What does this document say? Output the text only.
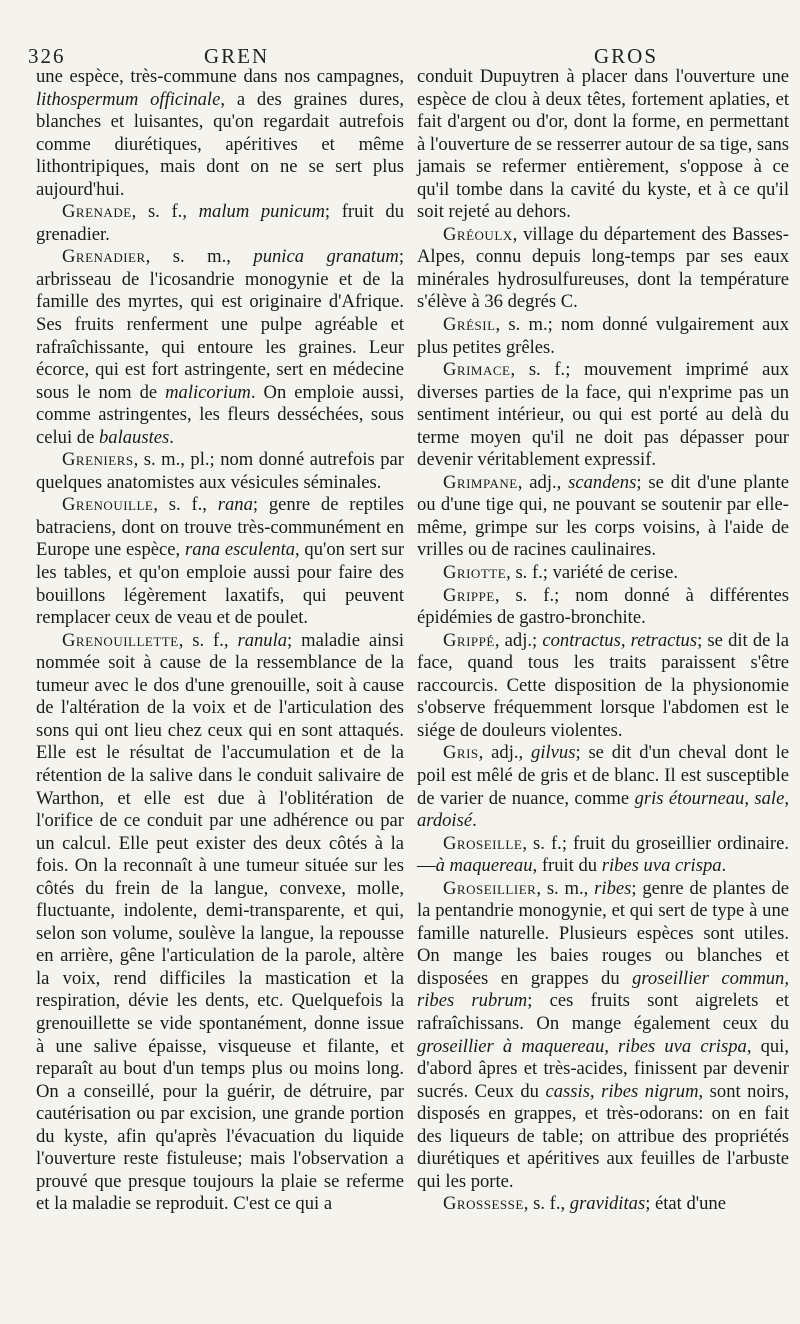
326	GREN	GROS

une espèce, très-commune dans nos campagnes, lithospermum officinale, a des graines dures, blanches et luisantes, qu'on regardait autrefois comme diurétiques, apéritives et même lithontripiques, mais dont on ne se sert plus aujourd'hui.

Grenade, s. f., malum punicum; fruit du grenadier.

Grenadier, s. m., punica granatum; arbrisseau de l'icosandrie monogynie et de la famille des myrtes, qui est originaire d'Afrique. Ses fruits renferment une pulpe agréable et rafraîchissante, qui entoure les graines. Leur écorce, qui est fort astringente, sert en médecine sous le nom de malicorium. On emploie aussi, comme astringentes, les fleurs desséchées, sous celui de balaustes.

Greniers, s. m., pl.; nom donné autrefois par quelques anatomistes aux vésicules séminales.

Grenouille, s. f., rana; genre de reptiles batraciens, dont on trouve très-communément en Europe une espèce, rana esculenta, qu'on sert sur les tables, et qu'on emploie aussi pour faire des bouillons légèrement laxatifs, qui peuvent remplacer ceux de veau et de poulet.

Grenouillette, s. f., ranula; maladie ainsi nommée soit à cause de la ressemblance de la tumeur avec le dos d'une grenouille, soit à cause de l'altération de la voix et de l'articulation des sons qui ont lieu chez ceux qui en sont attaqués. Elle est le résultat de l'accumulation et de la rétention de la salive dans le conduit salivaire de Warthon, et elle est due à l'oblitération de l'orifice de ce conduit par une adhérence ou par un calcul. Elle peut exister des deux côtés à la fois. On la reconnaît à une tumeur située sur les côtés du frein de la langue, convexe, molle, fluctuante, indolente, demi-transparente, et qui, selon son volume, soulève la langue, la repousse en arrière, gêne l'articulation de la parole, altère la voix, rend difficiles la mastication et la respiration, dévie les dents, etc. Quelquefois la grenouillette se vide spontanément, donne issue à une salive épaisse, visqueuse et filante, et reparaît au bout d'un temps plus ou moins long. On a conseillé, pour la guérir, de détruire, par cautérisation ou par excision, une grande portion du kyste, afin qu'après l'évacuation du liquide l'ouverture reste fistuleuse; mais l'observation a prouvé que presque toujours la plaie se referme et la maladie se reproduit. C'est ce qui a

conduit Dupuytren à placer dans l'ouverture une espèce de clou à deux têtes, fortement aplaties, et fait d'argent ou d'or, dont la forme, en permettant à l'ouverture de se resserrer autour de sa tige, sans jamais se refermer entièrement, s'oppose à ce qu'il tombe dans la cavité du kyste, et à ce qu'il soit rejeté au dehors.

Gréoulx, village du département des Basses-Alpes, connu depuis long-temps par ses eaux minérales hydrosulfureuses, dont la température s'élève à 36 degrés C.

Grésil, s. m.; nom donné vulgairement aux plus petites grêles.

Grimace, s. f.; mouvement imprimé aux diverses parties de la face, qui n'exprime pas un sentiment intérieur, ou qui est porté au delà du terme moyen qu'il ne doit pas dépasser pour devenir véritablement expressif.

Grimpane, adj., scandens; se dit d'une plante ou d'une tige qui, ne pouvant se soutenir par elle-même, grimpe sur les corps voisins, à l'aide de vrilles ou de racines caulinaires.

Griotte, s. f.; variété de cerise.

Grippe, s. f.; nom donné à différentes épidémies de gastro-bronchite.

Grippé, adj.; contractus, retractus; se dit de la face, quand tous les traits paraissent s'être raccourcis. Cette disposition de la physionomie s'observe fréquemment lorsque l'abdomen est le siége de douleurs violentes.

Gris, adj., gilvus; se dit d'un cheval dont le poil est mêlé de gris et de blanc. Il est susceptible de varier de nuance, comme gris étourneau, sale, ardoisé.

Groseille, s. f.; fruit du groseillier ordinaire.—à maquereau, fruit du ribes uva crispa.

Groseillier, s. m., ribes; genre de plantes de la pentandrie monogynie, et qui sert de type à une famille naturelle. Plusieurs espèces sont utiles. On mange les baies rouges ou blanches et disposées en grappes du groseillier commun, ribes rubrum; ces fruits sont aigrelets et rafraîchissans. On mange également ceux du groseillier à maquereau, ribes uva crispa, qui, d'abord âpres et très-acides, finissent par devenir sucrés. Ceux du cassis, ribes nigrum, sont noirs, disposés en grappes, et très-odorans: on en fait des liqueurs de table; on attribue des propriétés diurétiques et apéritives aux feuilles de l'arbuste qui les porte.

Grossesse, s. f., graviditas; état d'une
